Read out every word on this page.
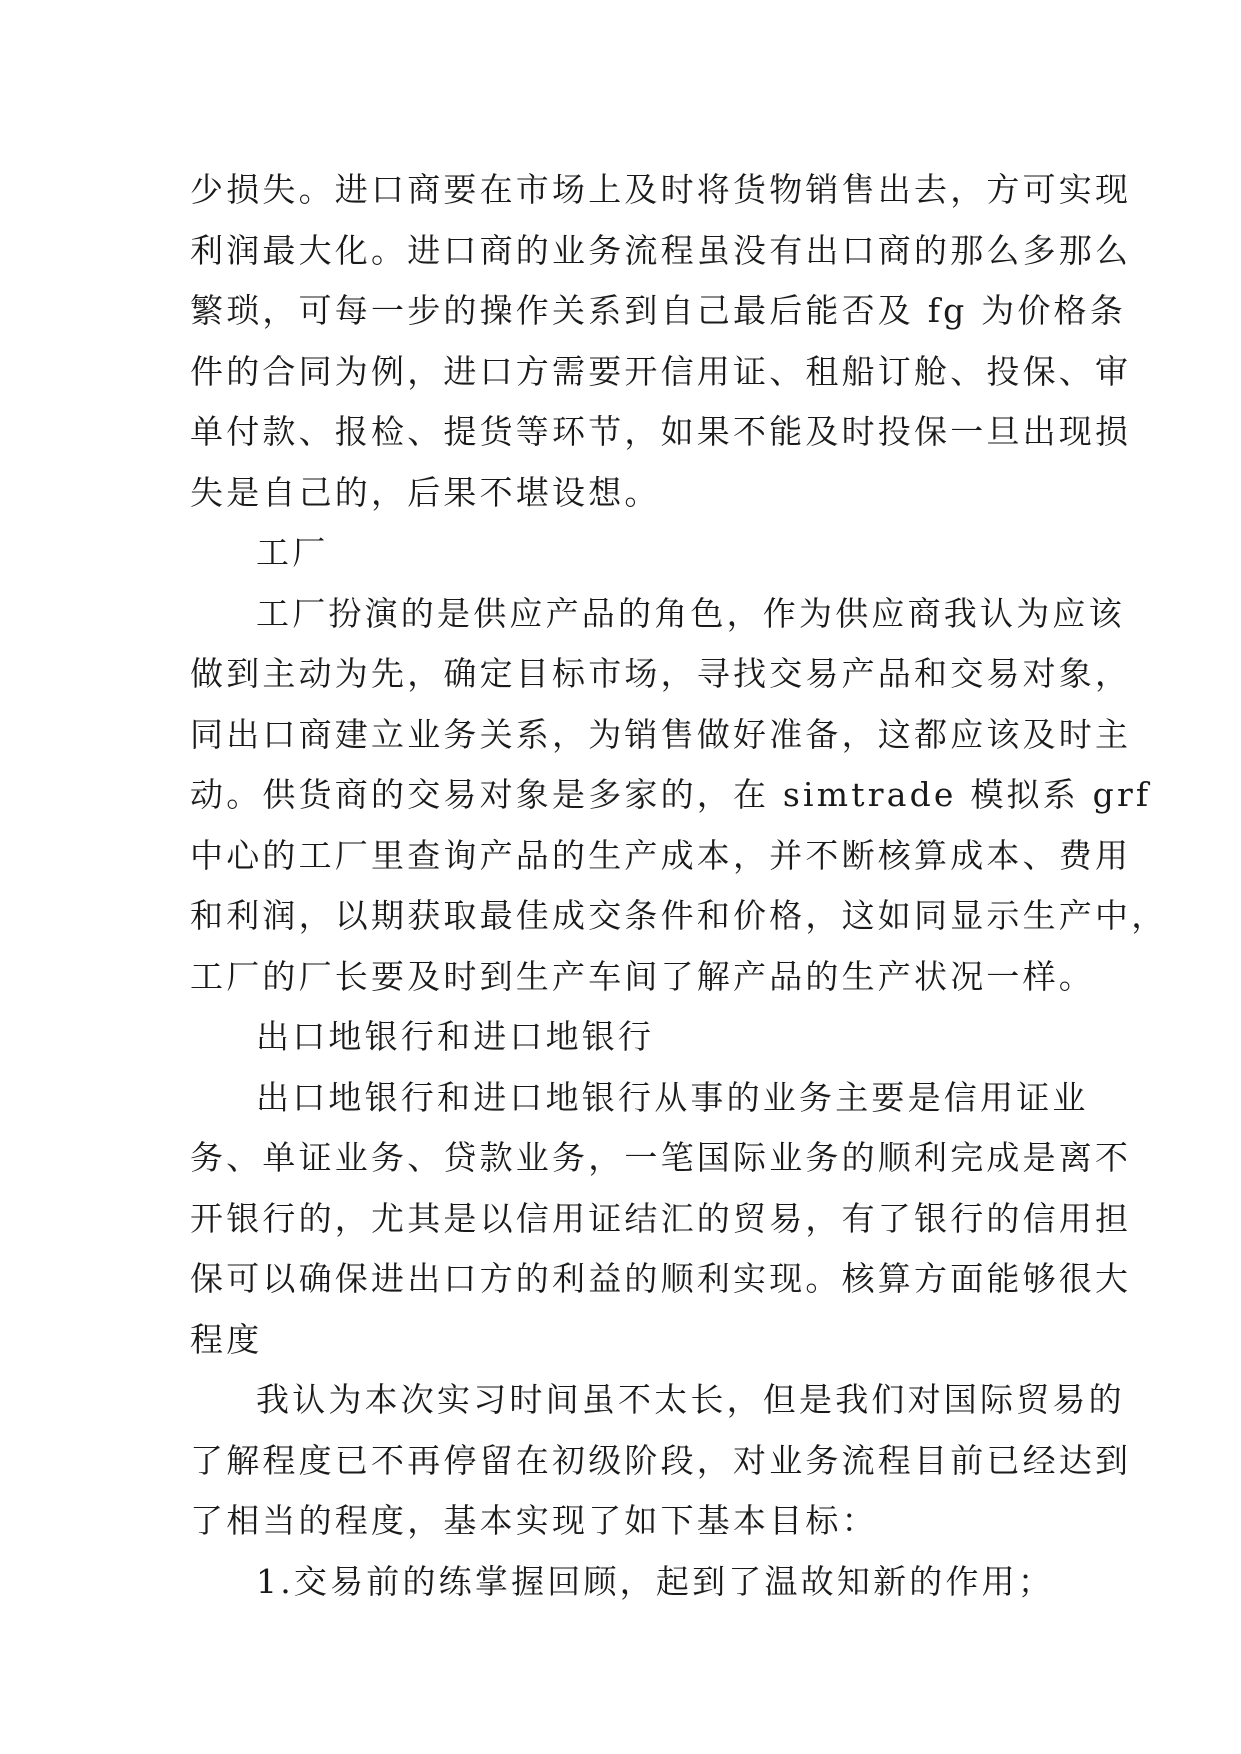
少损失。进口商要在市场上及时将货物销售出去，方可实现
利润最大化。进口商的业务流程虽没有出口商的那么多那么
繁琐，可每一步的操作关系到自己最后能否及 fg 为价格条
件的合同为例，进口方需要开信用证、租船订舱、投保、审
单付款、报检、提货等环节，如果不能及时投保一旦出现损
失是自己的，后果不堪设想。
工厂
工厂扮演的是供应产品的角色，作为供应商我认为应该
做到主动为先，确定目标市场，寻找交易产品和交易对象，
同出口商建立业务关系，为销售做好准备，这都应该及时主
动。供货商的交易对象是多家的，在 simtrade 模拟系 grf
中心的工厂里查询产品的生产成本，并不断核算成本、费用
和利润，以期获取最佳成交条件和价格，这如同显示生产中，
工厂的厂长要及时到生产车间了解产品的生产状况一样。
出口地银行和进口地银行
出口地银行和进口地银行从事的业务主要是信用证业
务、单证业务、贷款业务，一笔国际业务的顺利完成是离不
开银行的，尤其是以信用证结汇的贸易，有了银行的信用担
保可以确保进出口方的利益的顺利实现。核算方面能够很大
程度
我认为本次实习时间虽不太长，但是我们对国际贸易的
了解程度已不再停留在初级阶段，对业务流程目前已经达到
了相当的程度，基本实现了如下基本目标：
1.交易前的练掌握回顾，起到了温故知新的作用；
